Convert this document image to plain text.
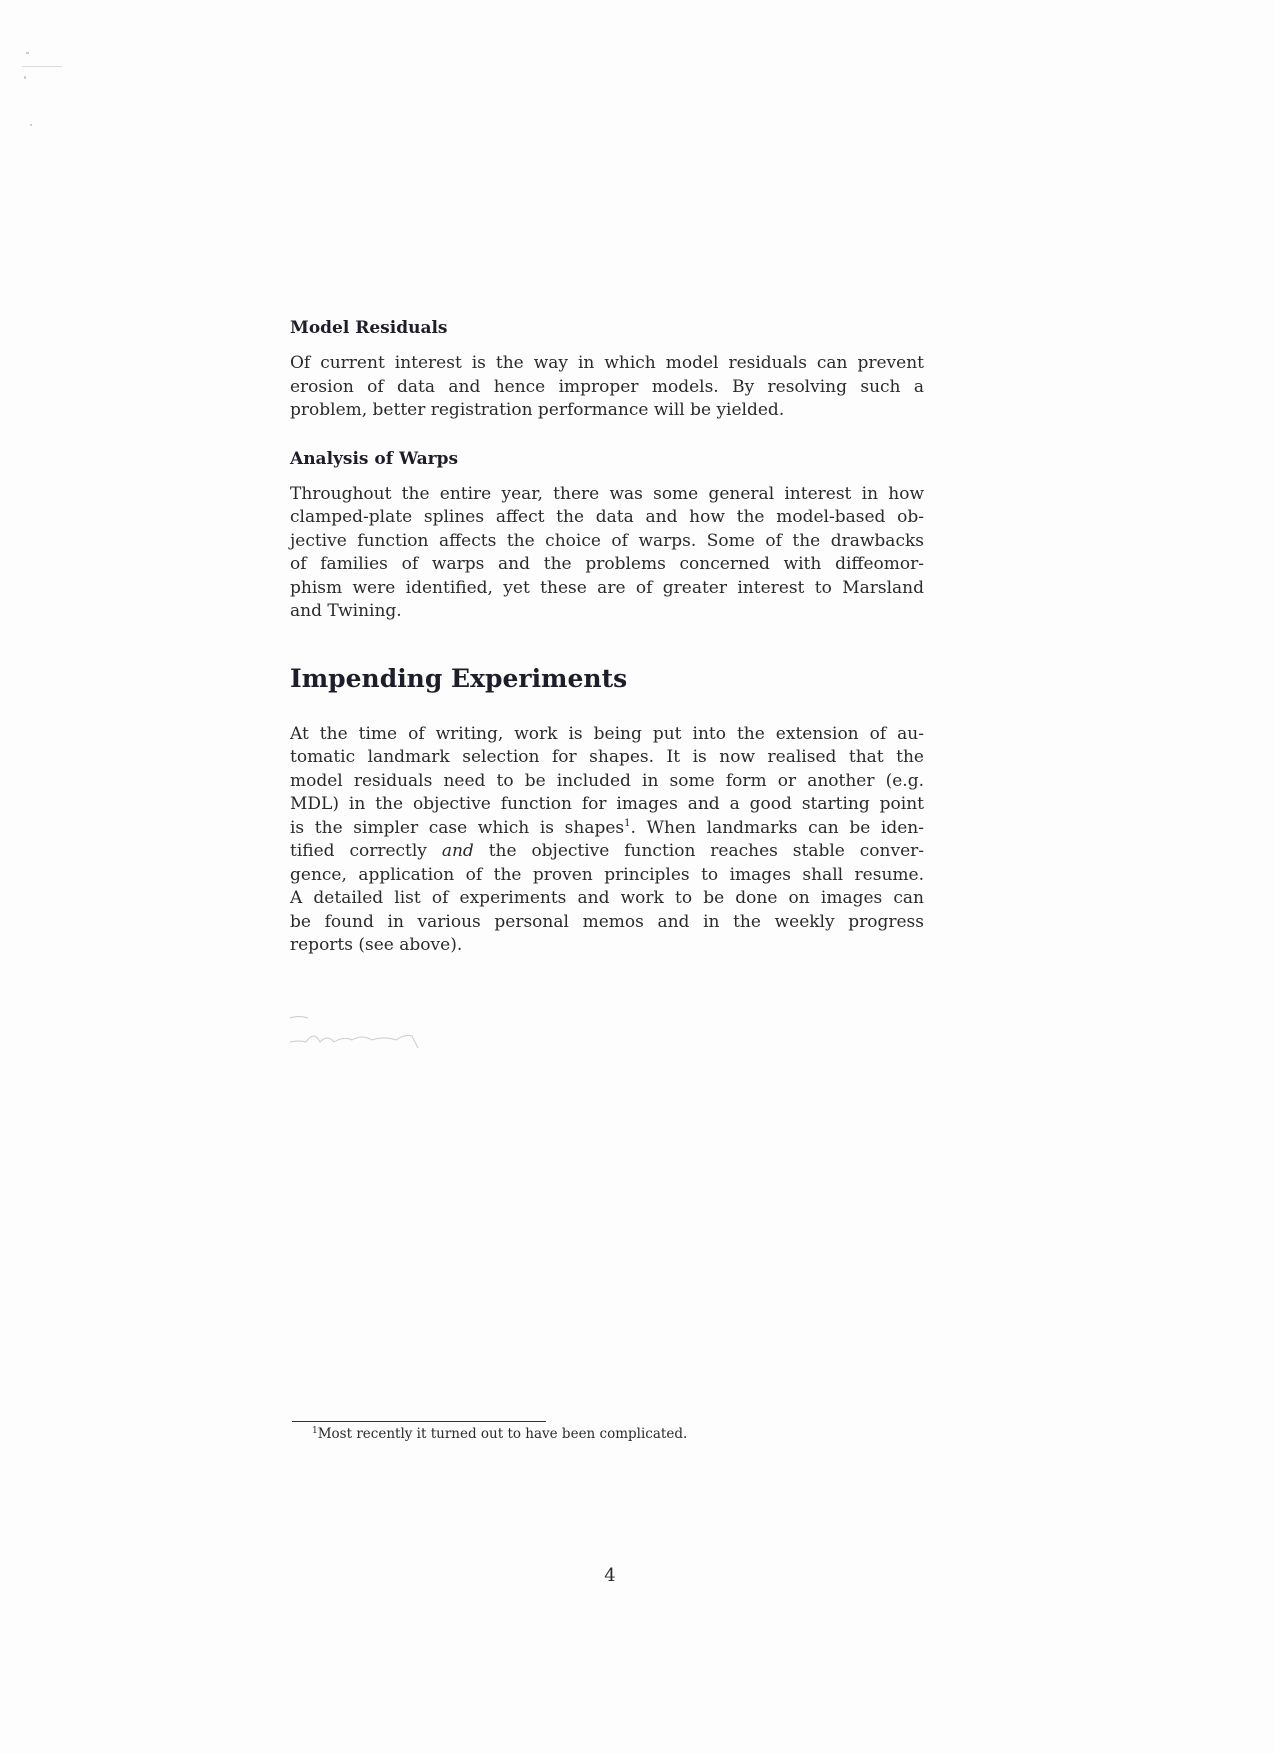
Model Residuals
Of current interest is the way in which model residuals can prevent
erosion of data and hence improper models. By resolving such a
problem, better registration performance will be yielded.
Analysis of Warps
Throughout the entire year, there was some general interest in how
clamped-plate splines affect the data and how the model-based ob-
jective function affects the choice of warps. Some of the drawbacks
of families of warps and the problems concerned with diffeomor-
phism were identified, yet these are of greater interest to Marsland
and Twining.
Impending Experiments
At the time of writing, work is being put into the extension of au-
tomatic landmark selection for shapes. It is now realised that the
model residuals need to be included in some form or another (e.g.
MDL) in the objective function for images and a good starting point
is the simpler case which is shapes$^1$. When landmarks can be iden-
tified correctly and the objective function reaches stable conver-
gence, application of the proven principles to images shall resume.
A detailed list of experiments and work to be done on images can
be found in various personal memos and in the weekly progress
reports (see above).
$^1$Most recently it turned out to have been complicated.
4
